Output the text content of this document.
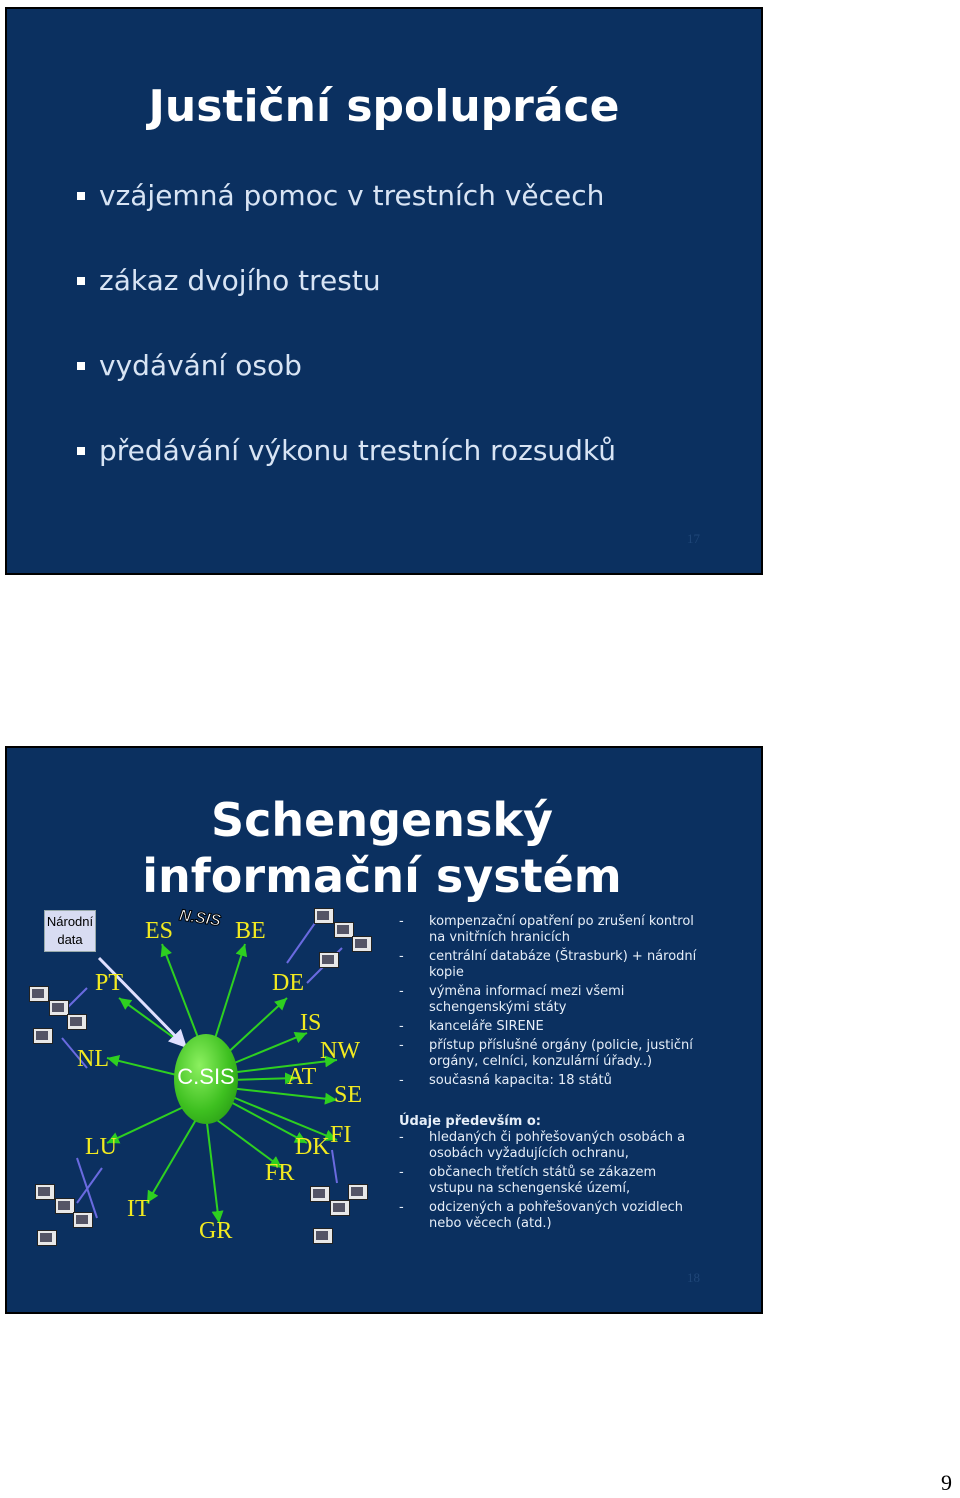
Justiční spolupráce
vzájemná pomoc v trestních věcech
zákaz dvojího trestu
vydávání osob
předávání výkonu trestních rozsudků
17
Schengenský
informační systém
Národní data
N.SIS
C.SIS
ES	BE
PT	DE
IS
NW
NL
AT
SE
LU	DK FI
FR
IT
GR
- kompenzační opatření po zrušení kontrol na vnitřních hranicích
- centrální databáze (Štrasburk) + národní kopie
- výměna informací mezi všemi schengenskými státy
- kanceláře SIRENE
- přístup příslušné orgány (policie, justiční orgány, celníci, konzulární úřady..)
- současná kapacita: 18 států
Údaje především o:
- hledaných či pohřešovaných osobách a osobách vyžadujících ochranu,
- občanech třetích států se zákazem vstupu na schengenské území,
- odcizených a pohřešovaných vozidlech nebo věcech (atd.)
18
9
